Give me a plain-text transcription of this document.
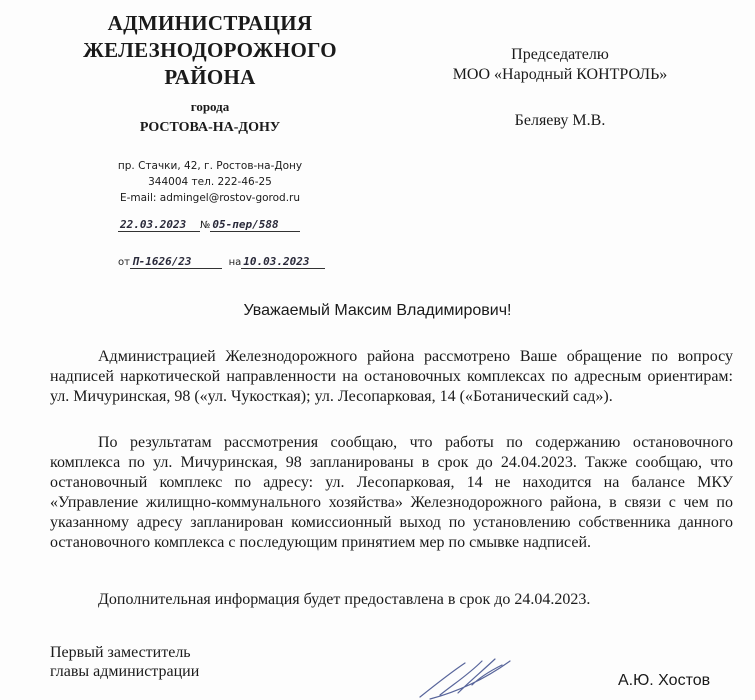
АДМИНИСТРАЦИЯ
ЖЕЛЕЗНОДОРОЖНОГО
РАЙОНА
города
РОСТОВА-НА-ДОНУ
пр. Стачки, 42, г. Ростов-на-Дону
344004 тел. 222-46-25
E-mail: admingel@rostov-gorod.ru
22.03.2023 № 05-пер/588
от П-1626/23	на 10.03.2023
Председателю
МОО «Народный КОНТРОЛЬ»
Беляеву М.В.
Уважаемый Максим Владимирович!
Администрацией Железнодорожного района рассмотрено Ваше обращение по вопросу надписей наркотической направленности на остановочных комплексах по адресным ориентирам: ул. Мичуринская, 98 («ул. Чукосткая); ул. Лесопарковая, 14 («Ботанический сад»).
По результатам рассмотрения сообщаю, что работы по содержанию остановочного комплекса по ул. Мичуринская, 98 запланированы в срок до 24.04.2023. Также сообщаю, что остановочный комплекс по адресу: ул. Лесопарковая, 14 не находится на балансе МКУ «Управление жилищно-коммунального хозяйства» Железнодорожного района, в связи с чем по указанному адресу запланирован комиссионный выход по установлению собственника данного остановочного комплекса с последующим принятием мер по смывке надписей.
Дополнительная информация будет предоставлена в срок до 24.04.2023.
Первый заместитель
главы администрации
А.Ю. Хостов
